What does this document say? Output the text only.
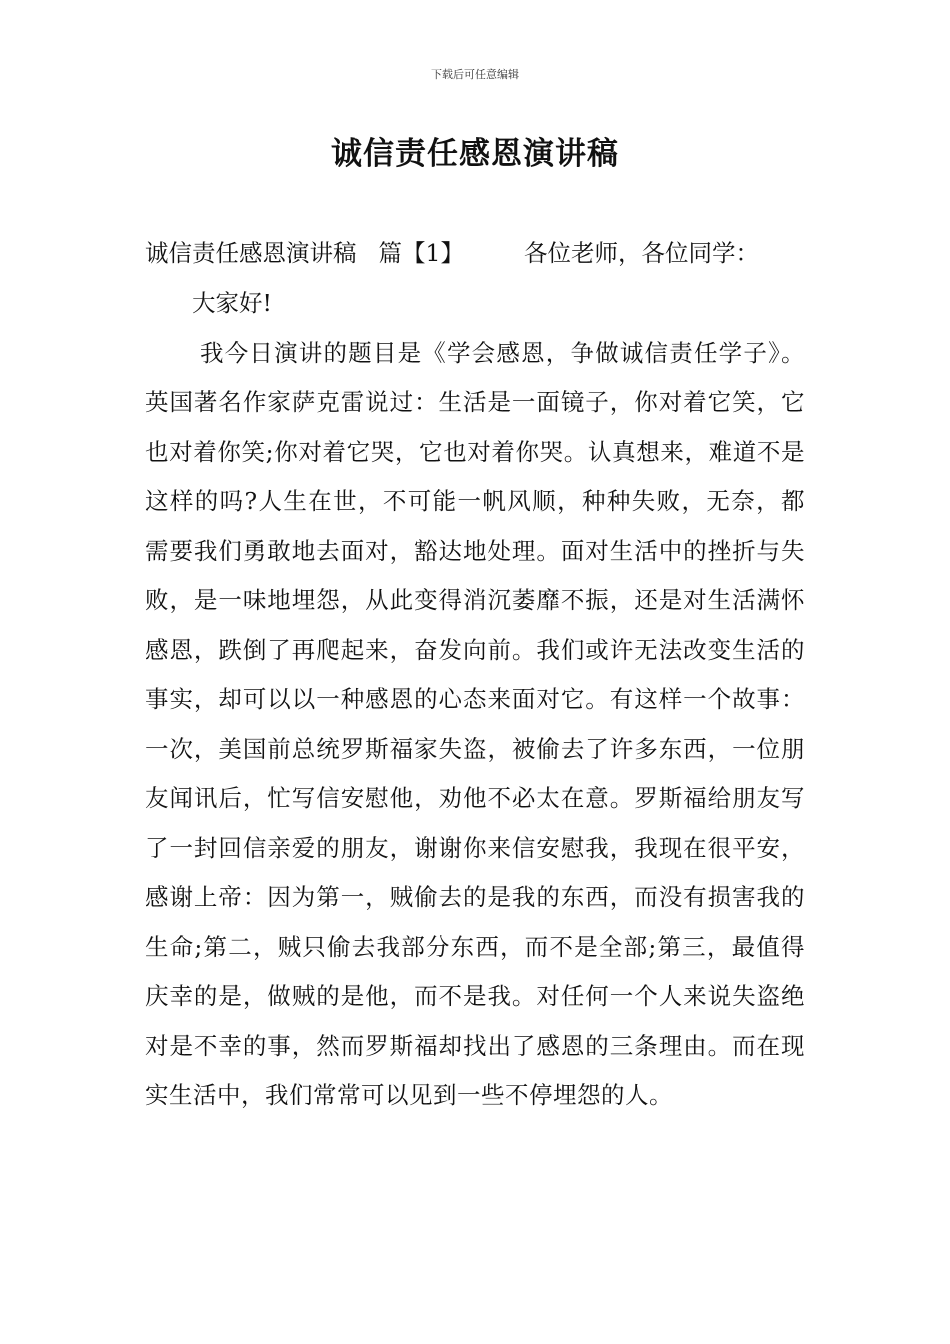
下载后可任意编辑
诚信责任感恩演讲稿
诚信责任感恩演讲稿 篇【1】	各位老师，各位同学：

大家好!

我今日演讲的题目是《学会感恩，争做诚信责任学子》。英国著名作家萨克雷说过：生活是一面镜子，你对着它笑，它也对着你笑;你对着它哭，它也对着你哭。认真想来，难道不是这样的吗?人生在世，不可能一帆风顺，种种失败，无奈，都需要我们勇敢地去面对，豁达地处理。面对生活中的挫折与失败，是一味地埋怨，从此变得消沉萎靡不振，还是对生活满怀感恩，跌倒了再爬起来，奋发向前。我们或许无法改变生活的事实，却可以以一种感恩的心态来面对它。有这样一个故事：一次，美国前总统罗斯福家失盗，被偷去了许多东西，一位朋友闻讯后，忙写信安慰他，劝他不必太在意。罗斯福给朋友写了一封回信亲爱的朋友，谢谢你来信安慰我，我现在很平安，感谢上帝：因为第一，贼偷去的是我的东西，而没有损害我的生命;第二，贼只偷去我部分东西，而不是全部;第三，最值得庆幸的是，做贼的是他，而不是我。对任何一个人来说失盗绝对是不幸的事，然而罗斯福却找出了感恩的三条理由。而在现实生活中，我们常常可以见到一些不停埋怨的人。
